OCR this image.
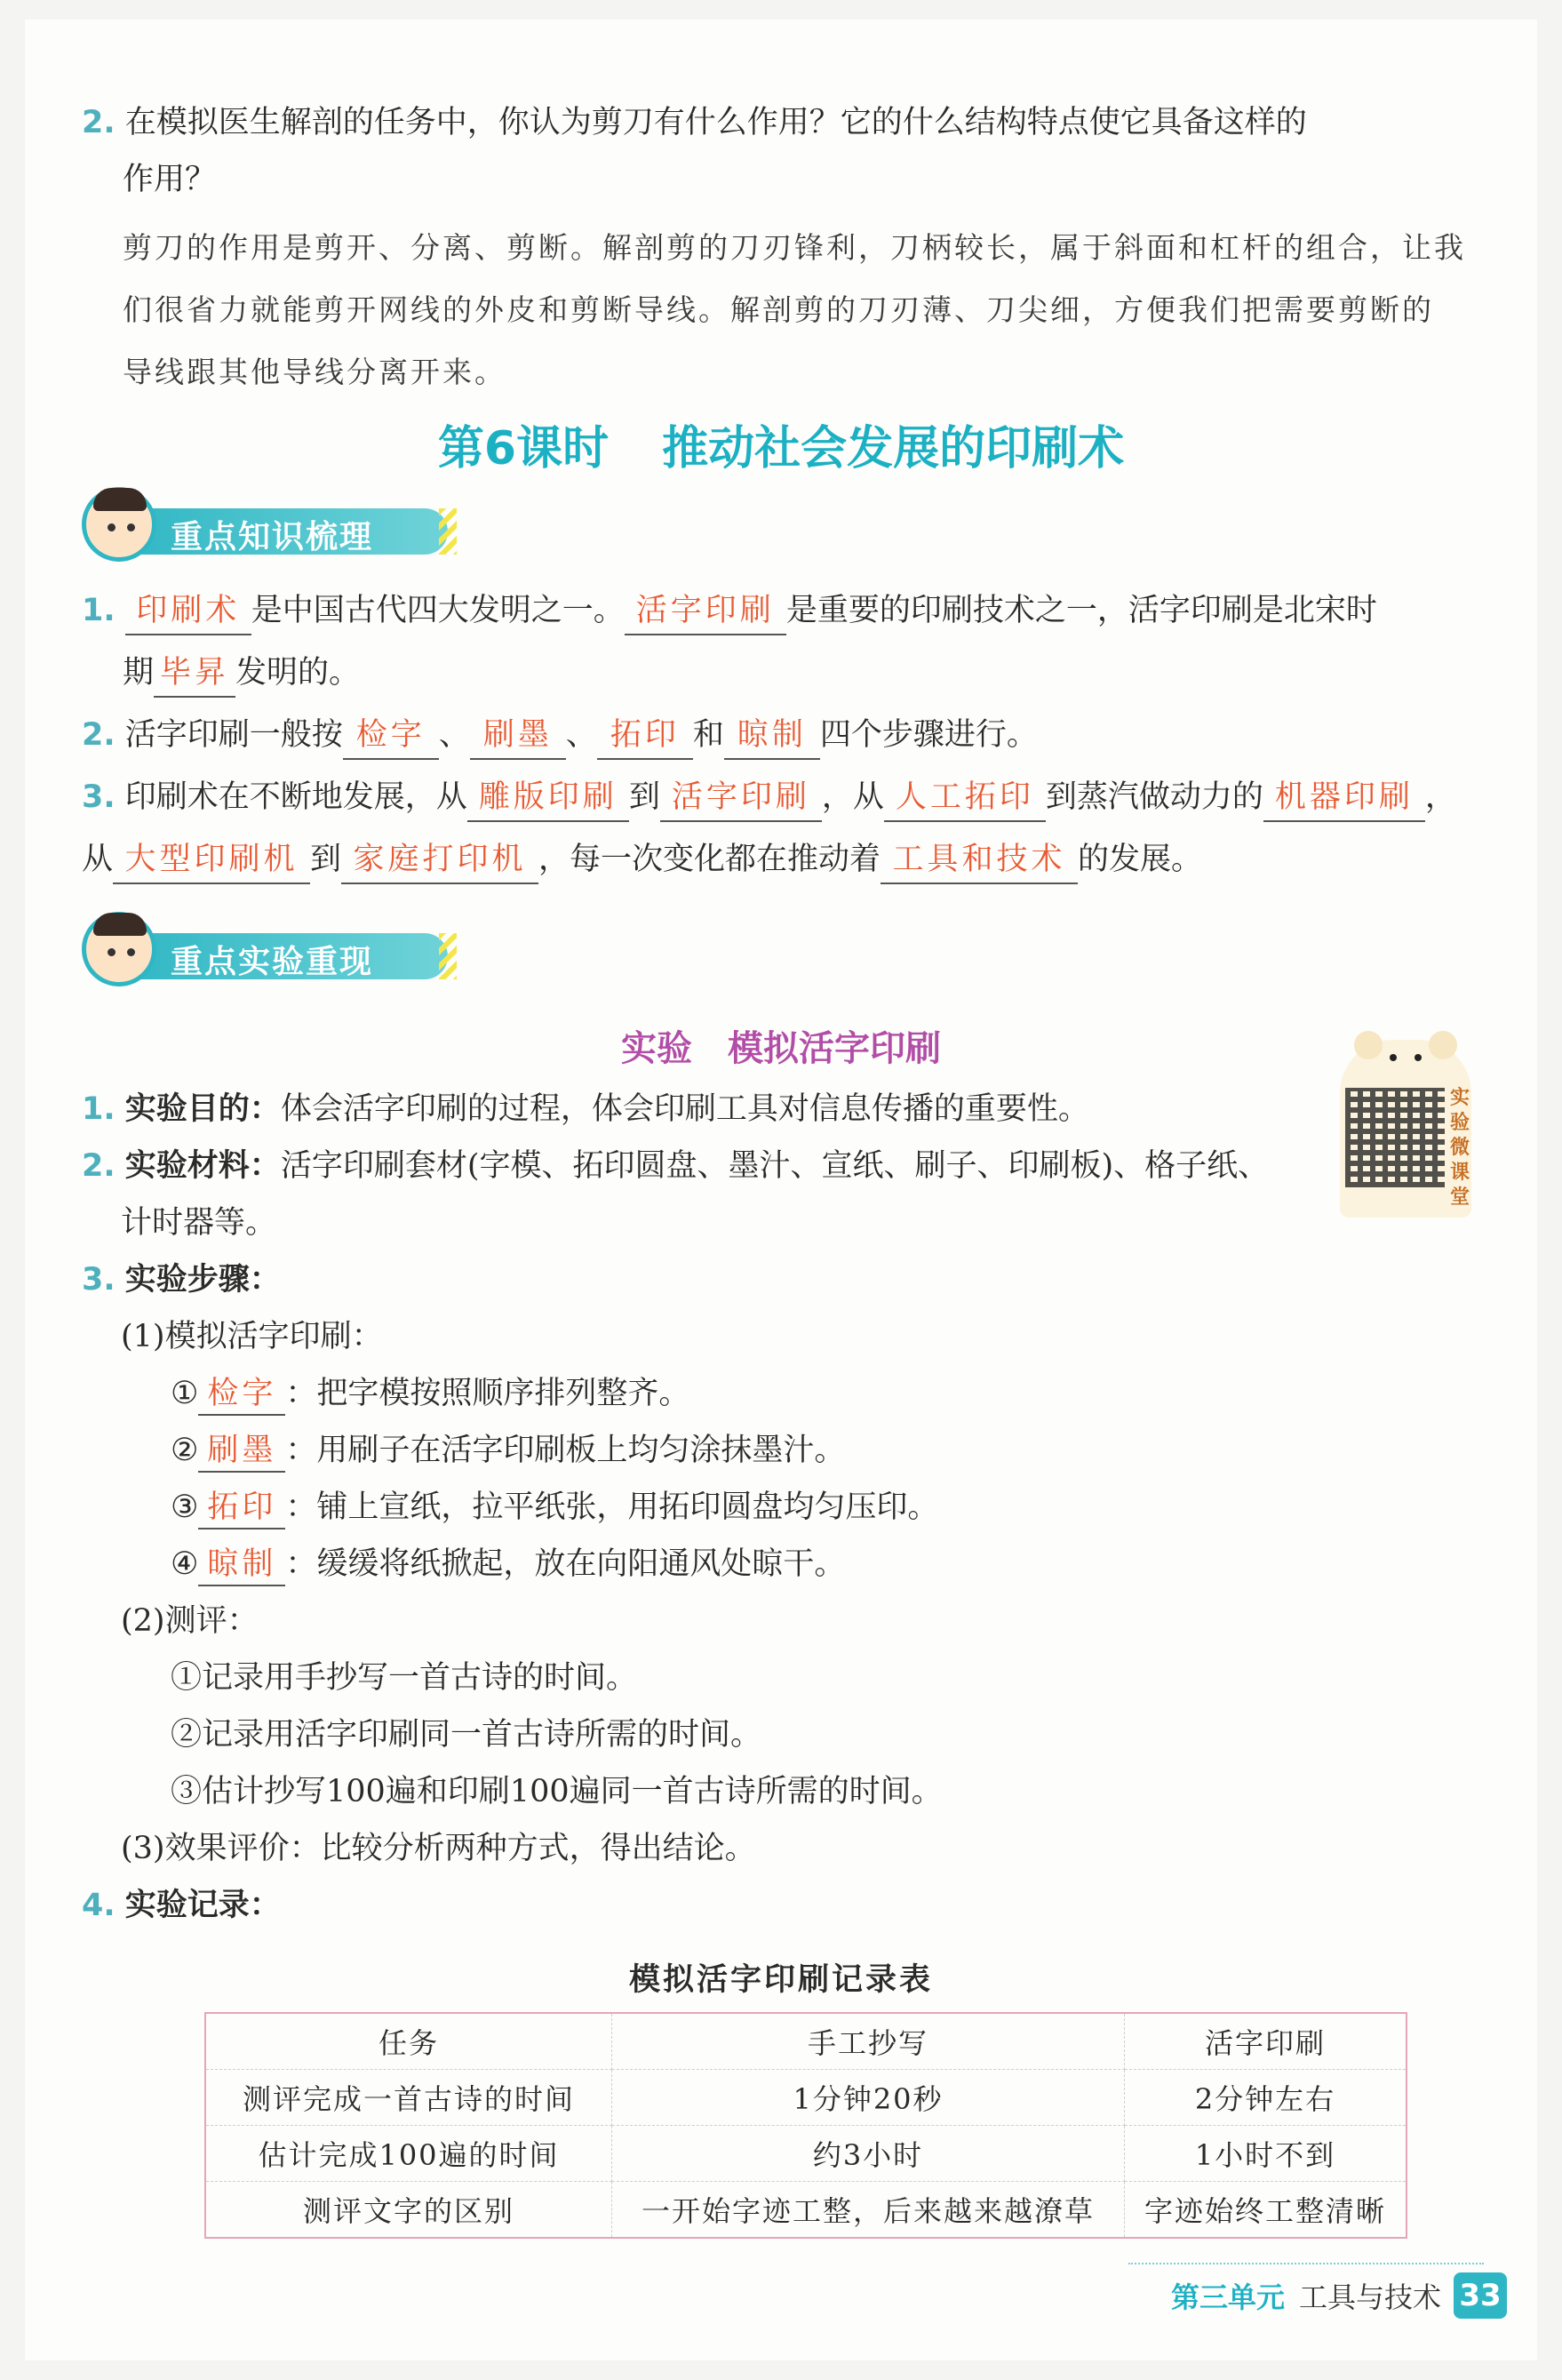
2. 在模拟医生解剖的任务中，你认为剪刀有什么作用？它的什么结构特点使它具备这样的
作用？
剪刀的作用是剪开、分离、剪断。解剖剪的刀刃锋利，刀柄较长，属于斜面和杠杆的组合，让我
们很省力就能剪开网线的外皮和剪断导线。解剖剪的刀刃薄、刀尖细，方便我们把需要剪断的
导线跟其他导线分离开来。
第6课时 推动社会发展的印刷术
重点知识梳理
1. 印刷术 是中国古代四大发明之一。 活字印刷 是重要的印刷技术之一，活字印刷是北宋时
期 毕昇 发明的。
2. 活字印刷一般按 检字 、 刷墨 、 拓印 和 晾制 四个步骤进行。
3. 印刷术在不断地发展，从 雕版印刷 到 活字印刷 ，从 人工拓印 到蒸汽做动力的 机器印刷 ，
从 大型印刷机 到 家庭打印机 ，每一次变化都在推动着 工具和技术 的发展。
重点实验重现
实验　模拟活字印刷
实
验
微
课
堂
1. 实验目的：体会活字印刷的过程，体会印刷工具对信息传播的重要性。
2. 实验材料：活字印刷套材(字模、拓印圆盘、墨汁、宣纸、刷子、印刷板)、格子纸、
计时器等。
3. 实验步骤：
(1)模拟活字印刷：
① 检字 ：把字模按照顺序排列整齐。
② 刷墨 ：用刷子在活字印刷板上均匀涂抹墨汁。
③ 拓印 ：铺上宣纸，拉平纸张，用拓印圆盘均匀压印。
④ 晾制 ：缓缓将纸掀起，放在向阳通风处晾干。
(2)测评：
①记录用手抄写一首古诗的时间。
②记录用活字印刷同一首古诗所需的时间。
③估计抄写100遍和印刷100遍同一首古诗所需的时间。
(3)效果评价：比较分析两种方式，得出结论。
4. 实验记录：
模拟活字印刷记录表
任务	手工抄写	活字印刷
测评完成一首古诗的时间	1分钟20秒	2分钟左右
估计完成100遍的时间	约3小时	1小时不到
测评文字的区别	一开始字迹工整，后来越来越潦草	字迹始终工整清晰
第三单元 工具与技术 33
